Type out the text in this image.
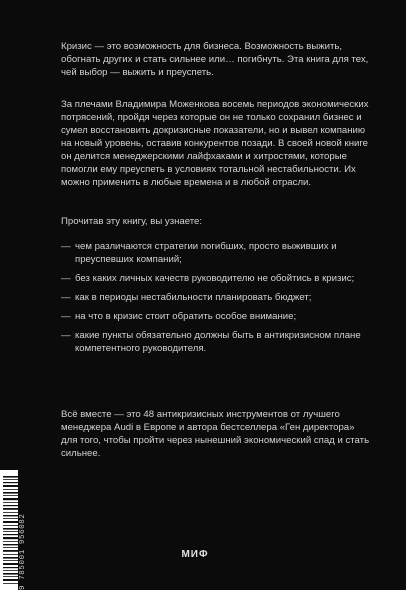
Кризис — это возможность для бизнеса. Возможность выжить, обогнать других и стать сильнее или… погибнуть. Эта книга для тех, чей выбор — выжить и преуспеть.

За плечами Владимира Моженкова восемь периодов экономических потрясений, пройдя через которые он не только сохранил бизнес и сумел восстановить докризисные показатели, но и вывел компанию на новый уровень, оставив конкурентов позади. В своей новой книге он делится менеджерскими лайфхаками и хитростями, которые помогли ему преуспеть в условиях тотальной нестабильности. Их можно применить в любые времена и в любой отрасли.

Прочитав эту книгу, вы узнаете:

— чем различаются стратегии погибших, просто выживших и преуспевших компаний;
— без каких личных качеств руководителю не обойтись в кризис;
— как в периоды нестабильности планировать бюджет;
— на что в кризис стоит обратить особое внимание;
— какие пункты обязательно должны быть в антикризисном плане компетентного руководителя.

Всё вместе — это 48 антикризисных инструментов от лучшего менеджера Audi в Европе и автора бестселлера «Ген директора» для того, чтобы пройти через нынешний экономический спад и стать сильнее.

9 785001 956082	МИФ
